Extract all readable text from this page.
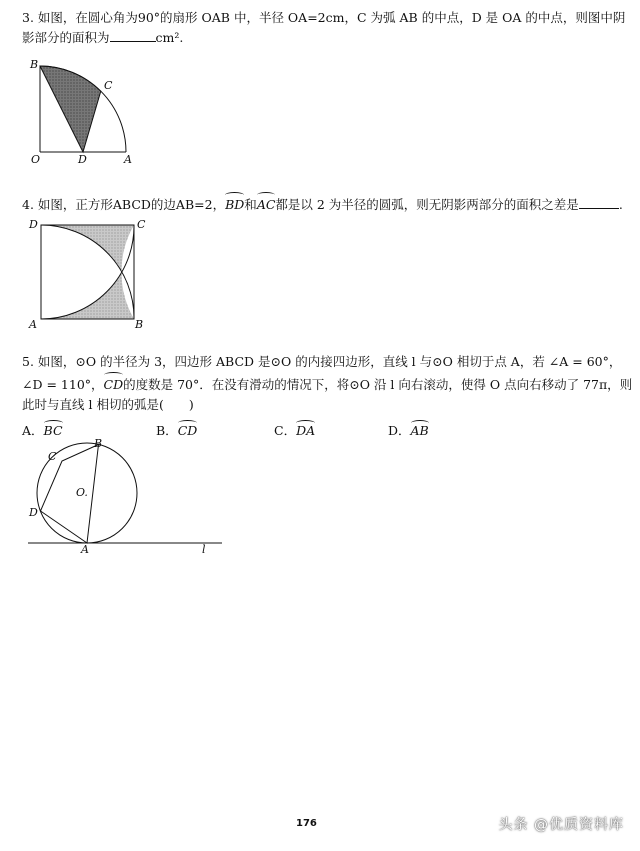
3. 如图，在圆心角为90°的扇形 OAB 中，半径 OA=2cm，C 为弧 AB 的中点，D 是 OA 的中点，则图中阴
影部分的面积为	cm².
B
C
O	D	A
4. 如图，正方形ABCD的边AB=2，BD和AC都是以 2 为半径的圆弧，则无阴影两部分的面积之差是	.
D	C
A	B
5. 如图，⊙O 的半径为 3，四边形 ABCD 是⊙O 的内接四边形，直线 l 与⊙O 相切于点 A，若 ∠A = 60°，
∠D = 110°，CD的度数是 70°．在没有滑动的情况下，将⊙O 沿 l 向右滚动，使得 O 点向右移动了 77π，则
此时与直线 l 相切的弧是(　　)
A．BC	B．CD	C．DA	D．AB
C
B
O.
D
A	l
176	头条 @优质资料库
